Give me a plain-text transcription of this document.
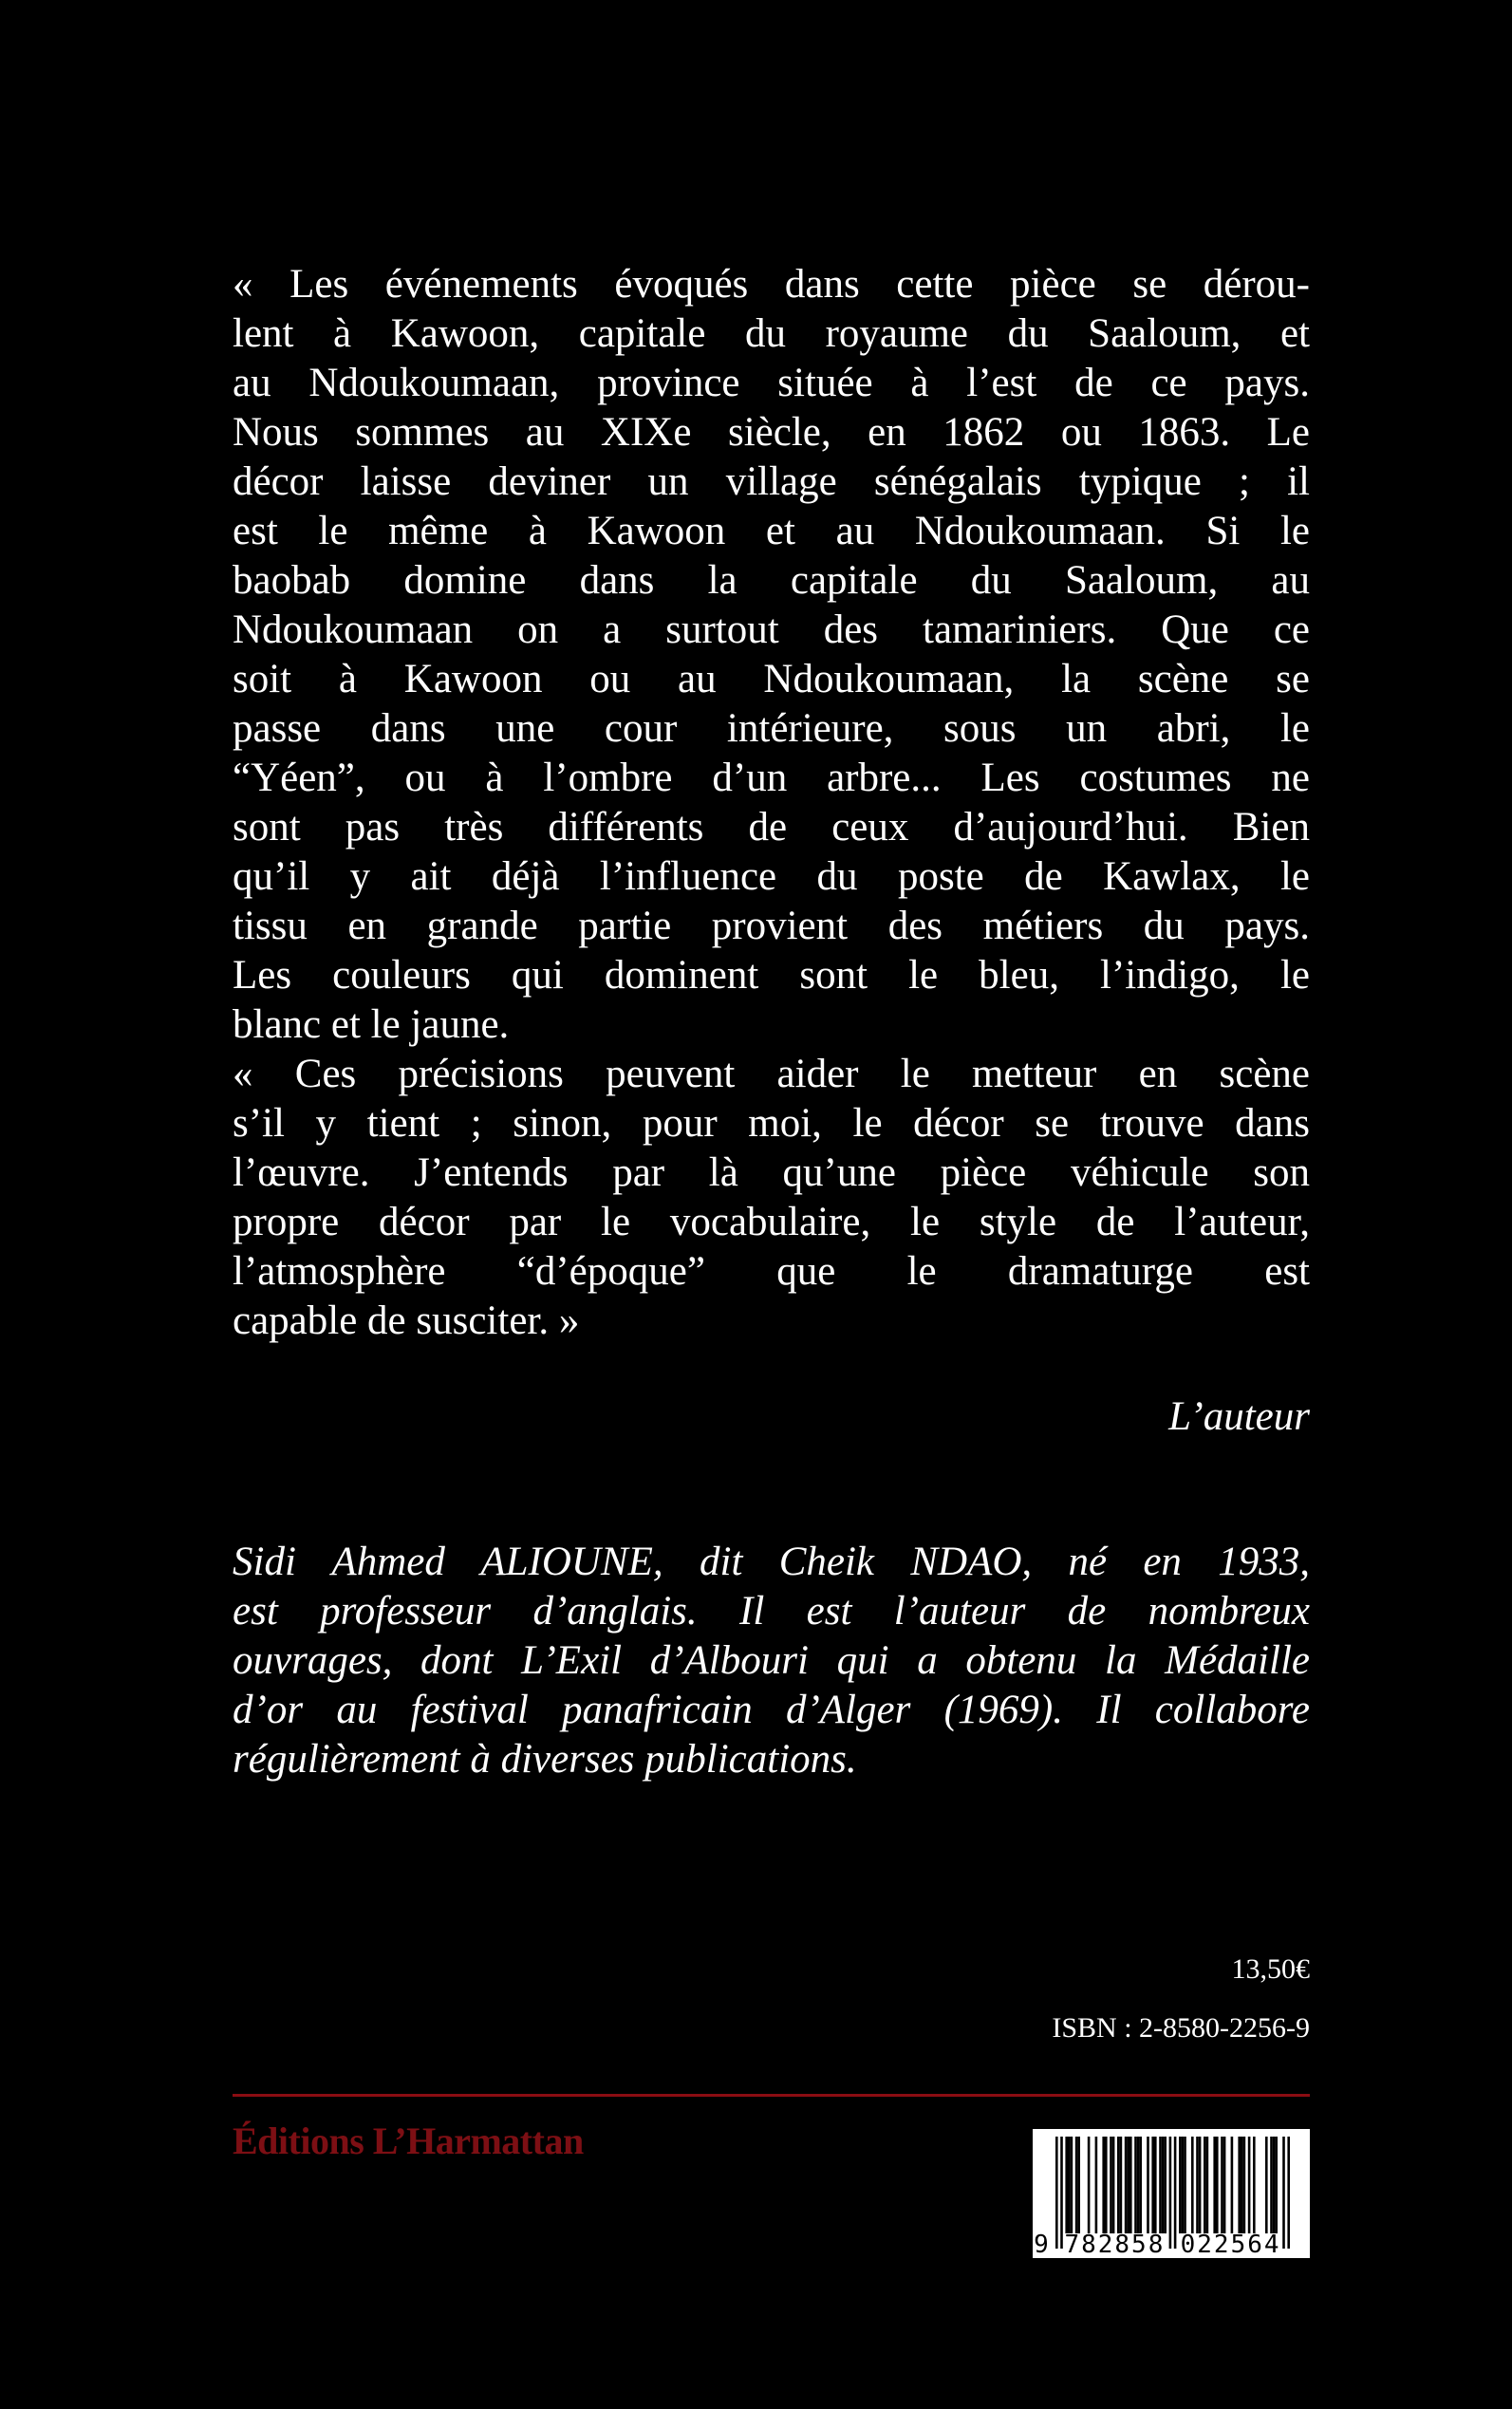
« Les événements évoqués dans cette pièce se dérou-
lent à Kawoon, capitale du royaume du Saaloum, et
au Ndoukoumaan, province située à l’est de ce pays.
Nous sommes au XIXe siècle, en 1862 ou 1863. Le
décor laisse deviner un village sénégalais typique ; il
est le même à Kawoon et au Ndoukoumaan. Si le
baobab domine dans la capitale du Saaloum, au
Ndoukoumaan on a surtout des tamariniers. Que ce
soit à Kawoon ou au Ndoukoumaan, la scène se
passe dans une cour intérieure, sous un abri, le
“Yéen”, ou à l’ombre d’un arbre... Les costumes ne
sont pas très différents de ceux d’aujourd’hui. Bien
qu’il y ait déjà l’influence du poste de Kawlax, le
tissu en grande partie provient des métiers du pays.
Les couleurs qui dominent sont le bleu, l’indigo, le
blanc et le jaune.
« Ces précisions peuvent aider le metteur en scène
s’il y tient ; sinon, pour moi, le décor se trouve dans
l’œuvre. J’entends par là qu’une pièce véhicule son
propre décor par le vocabulaire, le style de l’auteur,
l’atmosphère “d’époque” que le dramaturge est
capable de susciter. »
L’auteur
Sidi Ahmed ALIOUNE, dit Cheik NDAO, né en 1933,
est professeur d’anglais. Il est l’auteur de nombreux
ouvrages, dont L’Exil d’Albouri qui a obtenu la Médaille
d’or au festival panafricain d’Alger (1969). Il collabore
régulièrement à diverses publications.
13,50€
ISBN : 2-8580-2256-9
Éditions L’Harmattan
9 782858 022564
